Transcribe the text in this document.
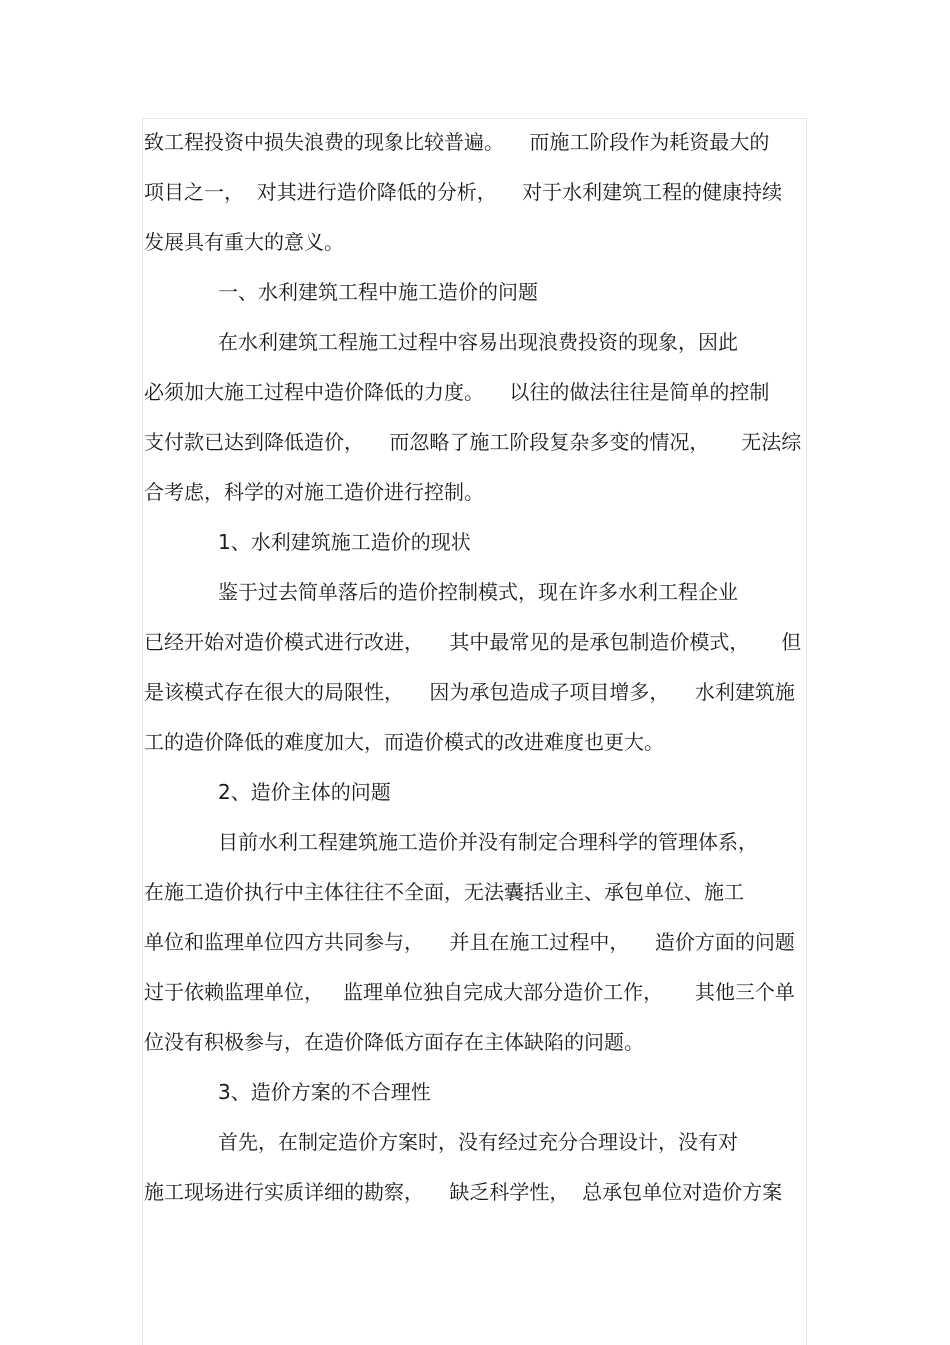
致工程投资中损失浪费的现象比较普遍。    而施工阶段作为耗资最大的
项目之一，  对其进行造价降低的分析，    对于水利建筑工程的健康持续
发展具有重大的意义。
一、水利建筑工程中施工造价的问题
在水利建筑工程施工过程中容易出现浪费投资的现象，因此
必须加大施工过程中造价降低的力度。    以往的做法往往是简单的控制
支付款已达到降低造价，    而忽略了施工阶段复杂多变的情况，     无法综
合考虑，科学的对施工造价进行控制。
1、水利建筑施工造价的现状
鉴于过去简单落后的造价控制模式，现在许多水利工程企业
已经开始对造价模式进行改进，    其中最常见的是承包制造价模式，     但
是该模式存在很大的局限性，    因为承包造成子项目增多，    水利建筑施
工的造价降低的难度加大，而造价模式的改进难度也更大。
2、造价主体的问题
目前水利工程建筑施工造价并没有制定合理科学的管理体系，
在施工造价执行中主体往往不全面，无法囊括业主、承包单位、施工
单位和监理单位四方共同参与，    并且在施工过程中，    造价方面的问题
过于依赖监理单位，   监理单位独自完成大部分造价工作，     其他三个单
位没有积极参与，在造价降低方面存在主体缺陷的问题。
3、造价方案的不合理性
首先，在制定造价方案时，没有经过充分合理设计，没有对
施工现场进行实质详细的勘察，    缺乏科学性，  总承包单位对造价方案
